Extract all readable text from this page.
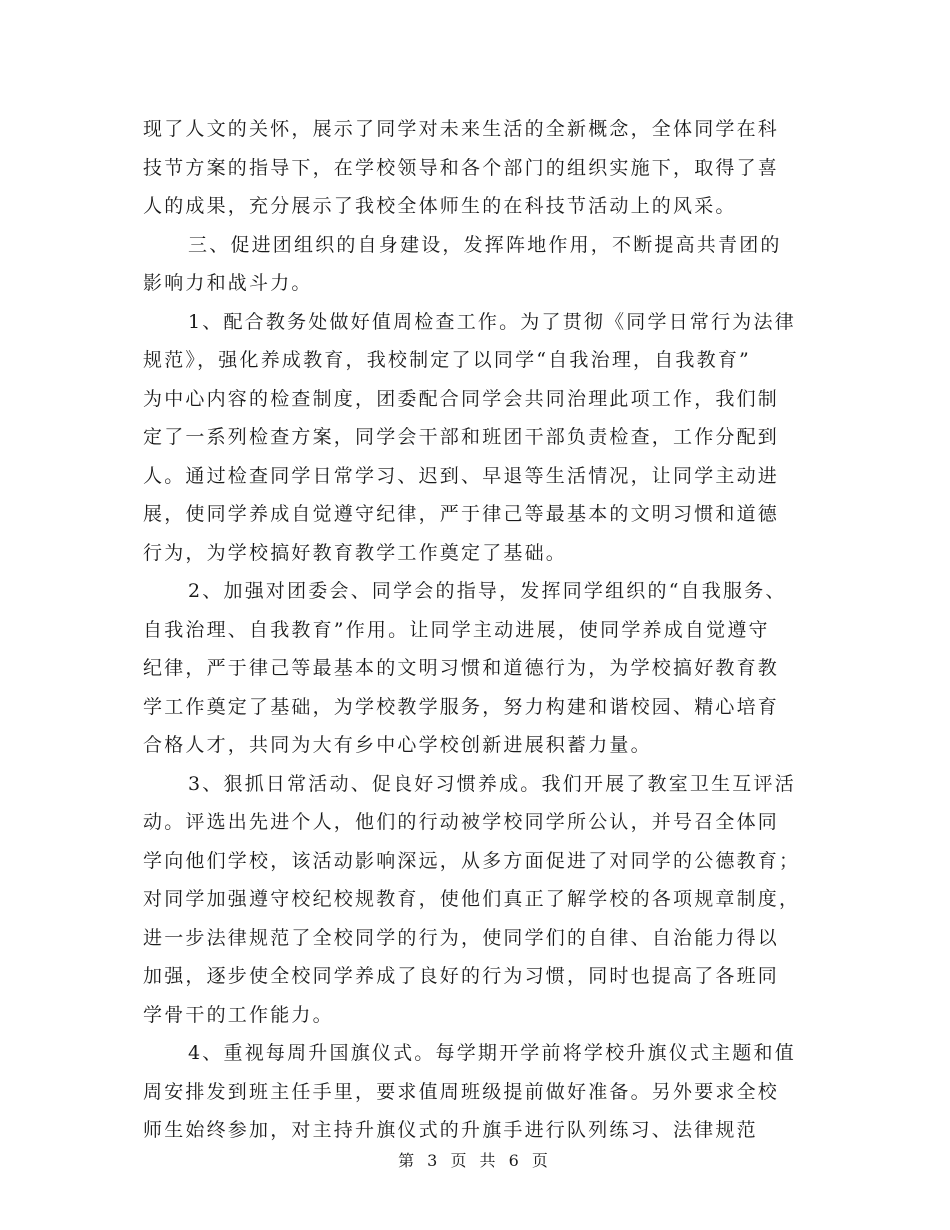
现了人文的关怀，展示了同学对未来生活的全新概念，全体同学在科
技节方案的指导下，在学校领导和各个部门的组织实施下，取得了喜
人的成果，充分展示了我校全体师生的在科技节活动上的风采。
三、促进团组织的自身建设，发挥阵地作用，不断提高共青团的
影响力和战斗力。
1、配合教务处做好值周检查工作。为了贯彻《同学日常行为法律
规范》，强化养成教育，我校制定了以同学“自我治理，自我教育”
为中心内容的检查制度，团委配合同学会共同治理此项工作，我们制
定了一系列检查方案，同学会干部和班团干部负责检查，工作分配到
人。通过检查同学日常学习、迟到、早退等生活情况，让同学主动进
展，使同学养成自觉遵守纪律，严于律己等最基本的文明习惯和道德
行为，为学校搞好教育教学工作奠定了基础。
2、加强对团委会、同学会的指导，发挥同学组织的“自我服务、
自我治理、自我教育”作用。让同学主动进展，使同学养成自觉遵守
纪律，严于律己等最基本的文明习惯和道德行为，为学校搞好教育教
学工作奠定了基础，为学校教学服务，努力构建和谐校园、精心培育
合格人才，共同为大有乡中心学校创新进展积蓄力量。
3、狠抓日常活动、促良好习惯养成。我们开展了教室卫生互评活
动。评选出先进个人，他们的行动被学校同学所公认，并号召全体同
学向他们学校，该活动影响深远，从多方面促进了对同学的公德教育；
对同学加强遵守校纪校规教育，使他们真正了解学校的各项规章制度，
进一步法律规范了全校同学的行为，使同学们的自律、自治能力得以
加强，逐步使全校同学养成了良好的行为习惯，同时也提高了各班同
学骨干的工作能力。
4、重视每周升国旗仪式。每学期开学前将学校升旗仪式主题和值
周安排发到班主任手里，要求值周班级提前做好准备。另外要求全校
师生始终参加，对主持升旗仪式的升旗手进行队列练习、法律规范
第 3 页 共 6 页
